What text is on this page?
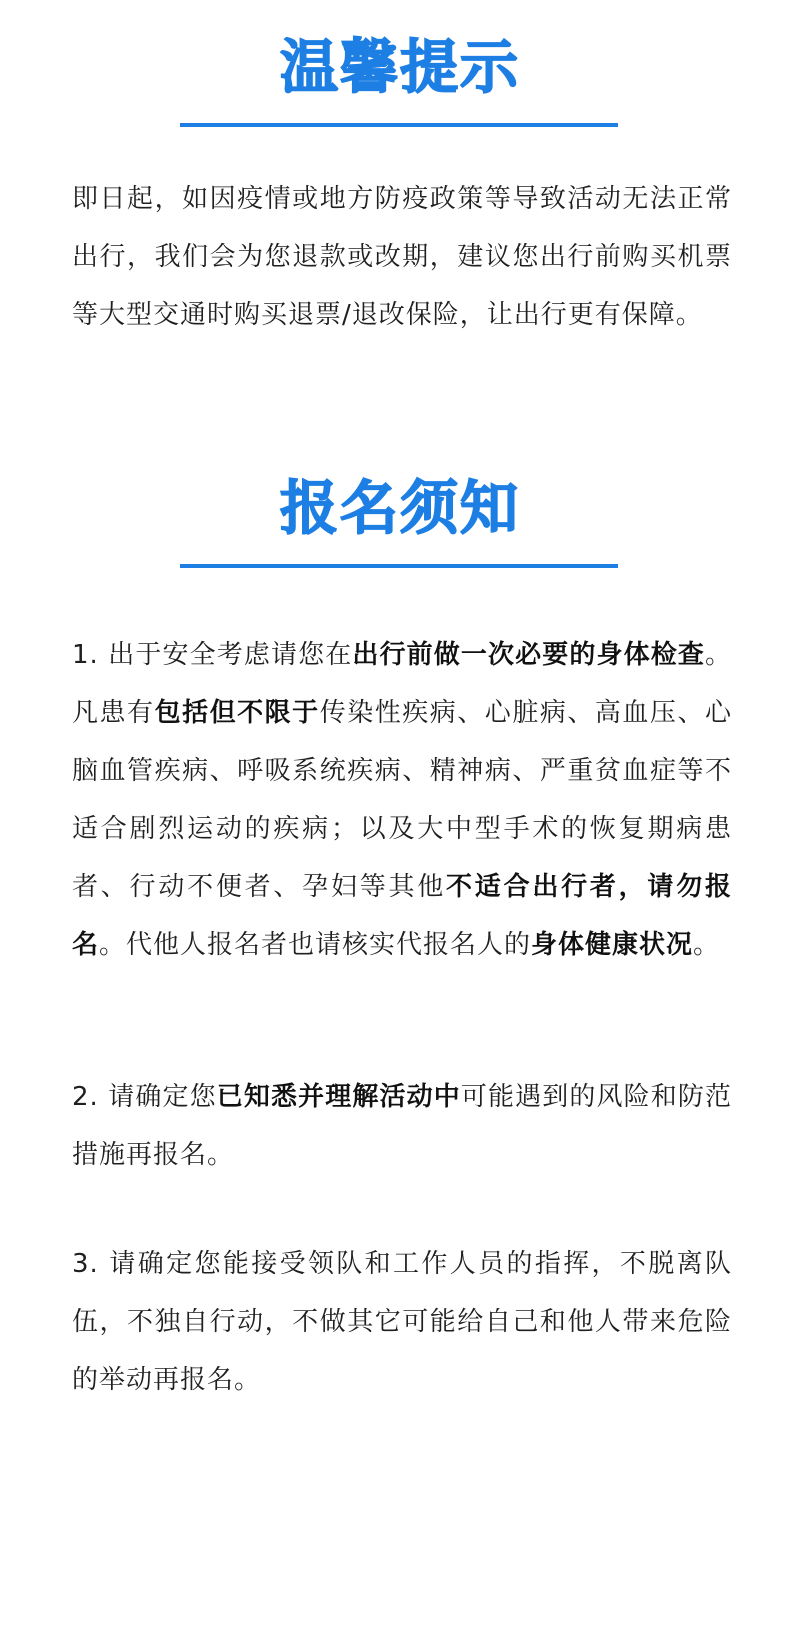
温馨提示

即日起，如因疫情或地方防疫政策等导致活动无法正常出行，我们会为您退款或改期，建议您出行前购买机票等大型交通时购买退票/退改保险，让出行更有保障。

报名须知

1. 出于安全考虑请您在出行前做一次必要的身体检查。凡患有包括但不限于传染性疾病、心脏病、高血压、心脑血管疾病、呼吸系统疾病、精神病、严重贫血症等不适合剧烈运动的疾病；以及大中型手术的恢复期病患者、行动不便者、孕妇等其他不适合出行者，请勿报名。代他人报名者也请核实代报名人的身体健康状况。

2. 请确定您已知悉并理解活动中可能遇到的风险和防范措施再报名。

3. 请确定您能接受领队和工作人员的指挥，不脱离队伍，不独自行动，不做其它可能给自己和他人带来危险的举动再报名。
